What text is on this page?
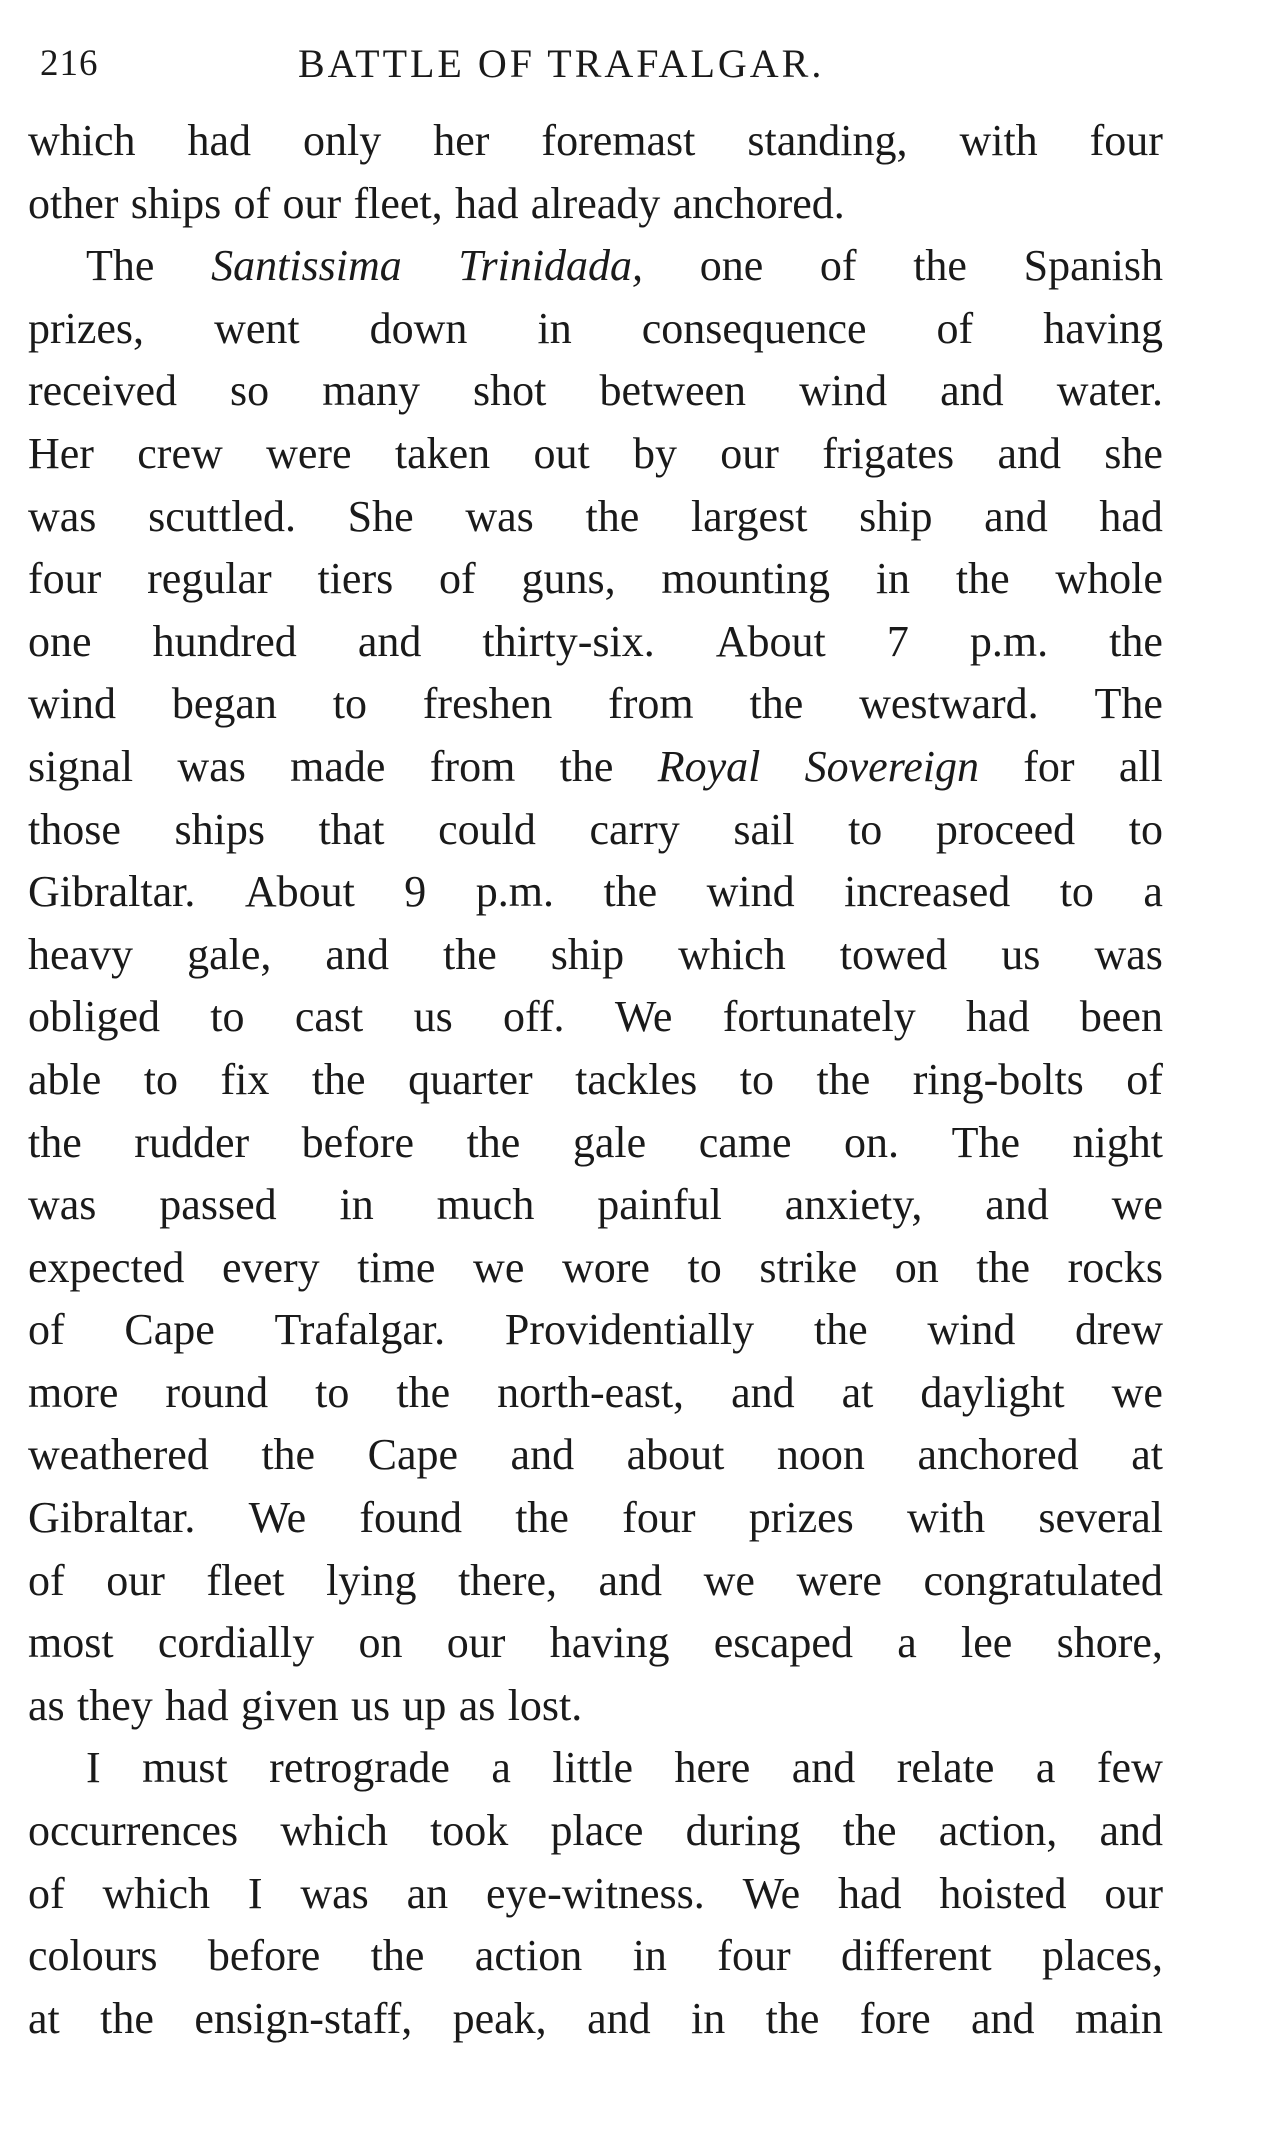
216	BATTLE OF TRAFALGAR.
which had only her foremast standing, with four
other ships of our fleet, had already anchored.
The Santissima Trinidada, one of the Spanish
prizes, went down in consequence of having
received so many shot between wind and water.
Her crew were taken out by our frigates and she
was scuttled. She was the largest ship and had
four regular tiers of guns, mounting in the whole
one hundred and thirty-six. About 7 p.m. the
wind began to freshen from the westward. The
signal was made from the Royal Sovereign for all
those ships that could carry sail to proceed to
Gibraltar. About 9 p.m. the wind increased to a
heavy gale, and the ship which towed us was
obliged to cast us off. We fortunately had been
able to fix the quarter tackles to the ring-bolts of
the rudder before the gale came on. The night
was passed in much painful anxiety, and we
expected every time we wore to strike on the rocks
of Cape Trafalgar. Providentially the wind drew
more round to the north-east, and at daylight we
weathered the Cape and about noon anchored at
Gibraltar. We found the four prizes with several
of our fleet lying there, and we were congratulated
most cordially on our having escaped a lee shore,
as they had given us up as lost.
I must retrograde a little here and relate a few
occurrences which took place during the action, and
of which I was an eye-witness. We had hoisted our
colours before the action in four different places,
at the ensign-staff, peak, and in the fore and main
